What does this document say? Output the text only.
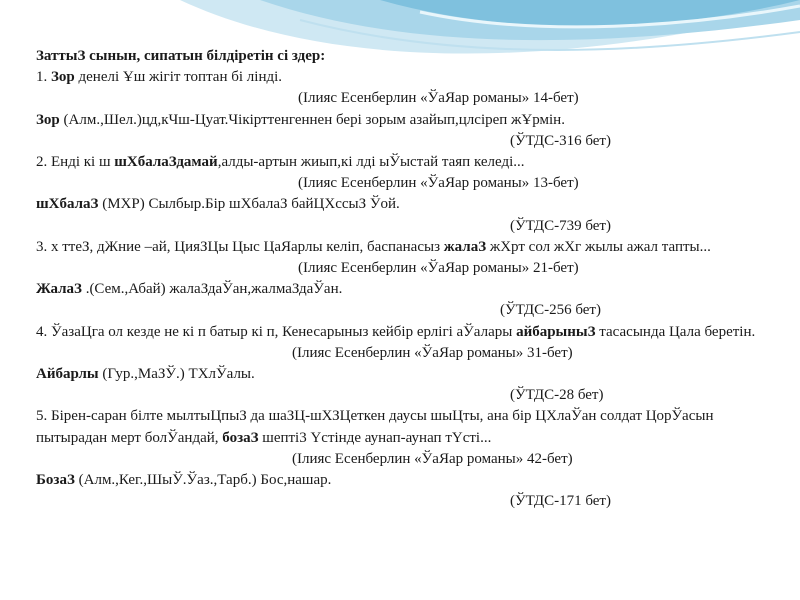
ЗаттыЗ сынын, сипатын білдіретін сі здер:
1. Зор денелі Ұш жігіт топтан бі лінді.
(Ілияс Есенберлин «ЎаЯар романы» 14-бет)
Зор (Алм.,Шел.)цд,кЧш-Цуат.Чікірттенгеннен бері зорым азайып,цлсіреп жҰрмін.
(ЎТДС-316 бет)
2. Енді кі ш шХбалаЗдамай,алды-артын жиып,кі лді ыЎыстай таяп келеді...
(Ілияс Есенберлин «ЎаЯар романы» 13-бет)
шХбалаЗ (МХР) Сылбыр.Бір шХбалаЗ байЦХссыЗ Ўой.
(ЎТДС-739 бет)
3. х ттеЗ, дЖние –ай, ЦияЗЦы Цыс ЦаЯарлы келіп, баспанасыз жалаЗ жХрт сол жХг жылы ажал тапты...
(Ілияс Есенберлин «ЎаЯар романы» 21-бет)
ЖалаЗ .(Сем.,Абай) жалаЗдаЎан,жалмаЗдаЎан.
(ЎТДС-256 бет)
4. ЎазаЦга ол кезде не кі п батыр кі п, Кенесарыныз кейбір ерлігі аЎалары айбарыныЗ тасасында Цала беретін.
(Ілияс Есенберлин «ЎаЯар романы» 31-бет)
Айбарлы (Гур.,МаЗЎ.) ТХлЎалы.
(ЎТДС-28 бет)
5. Бірен-саран білте мылтыЦпыЗ да шаЗЦ-шХЗЦеткен даусы шыЦты, ана бір ЦХлаЎан солдат ЦорЎасын пытырадан мерт болЎандай, бозаЗ шепті3 Үстінде аунап-аунап тҮсті...
(Ілияс Есенберлин «ЎаЯар романы» 42-бет)
БозаЗ (Алм.,Кег.,ШыЎ.Ўаз.,Тарб.) Бос,нашар.
(ЎТДС-171 бет)
